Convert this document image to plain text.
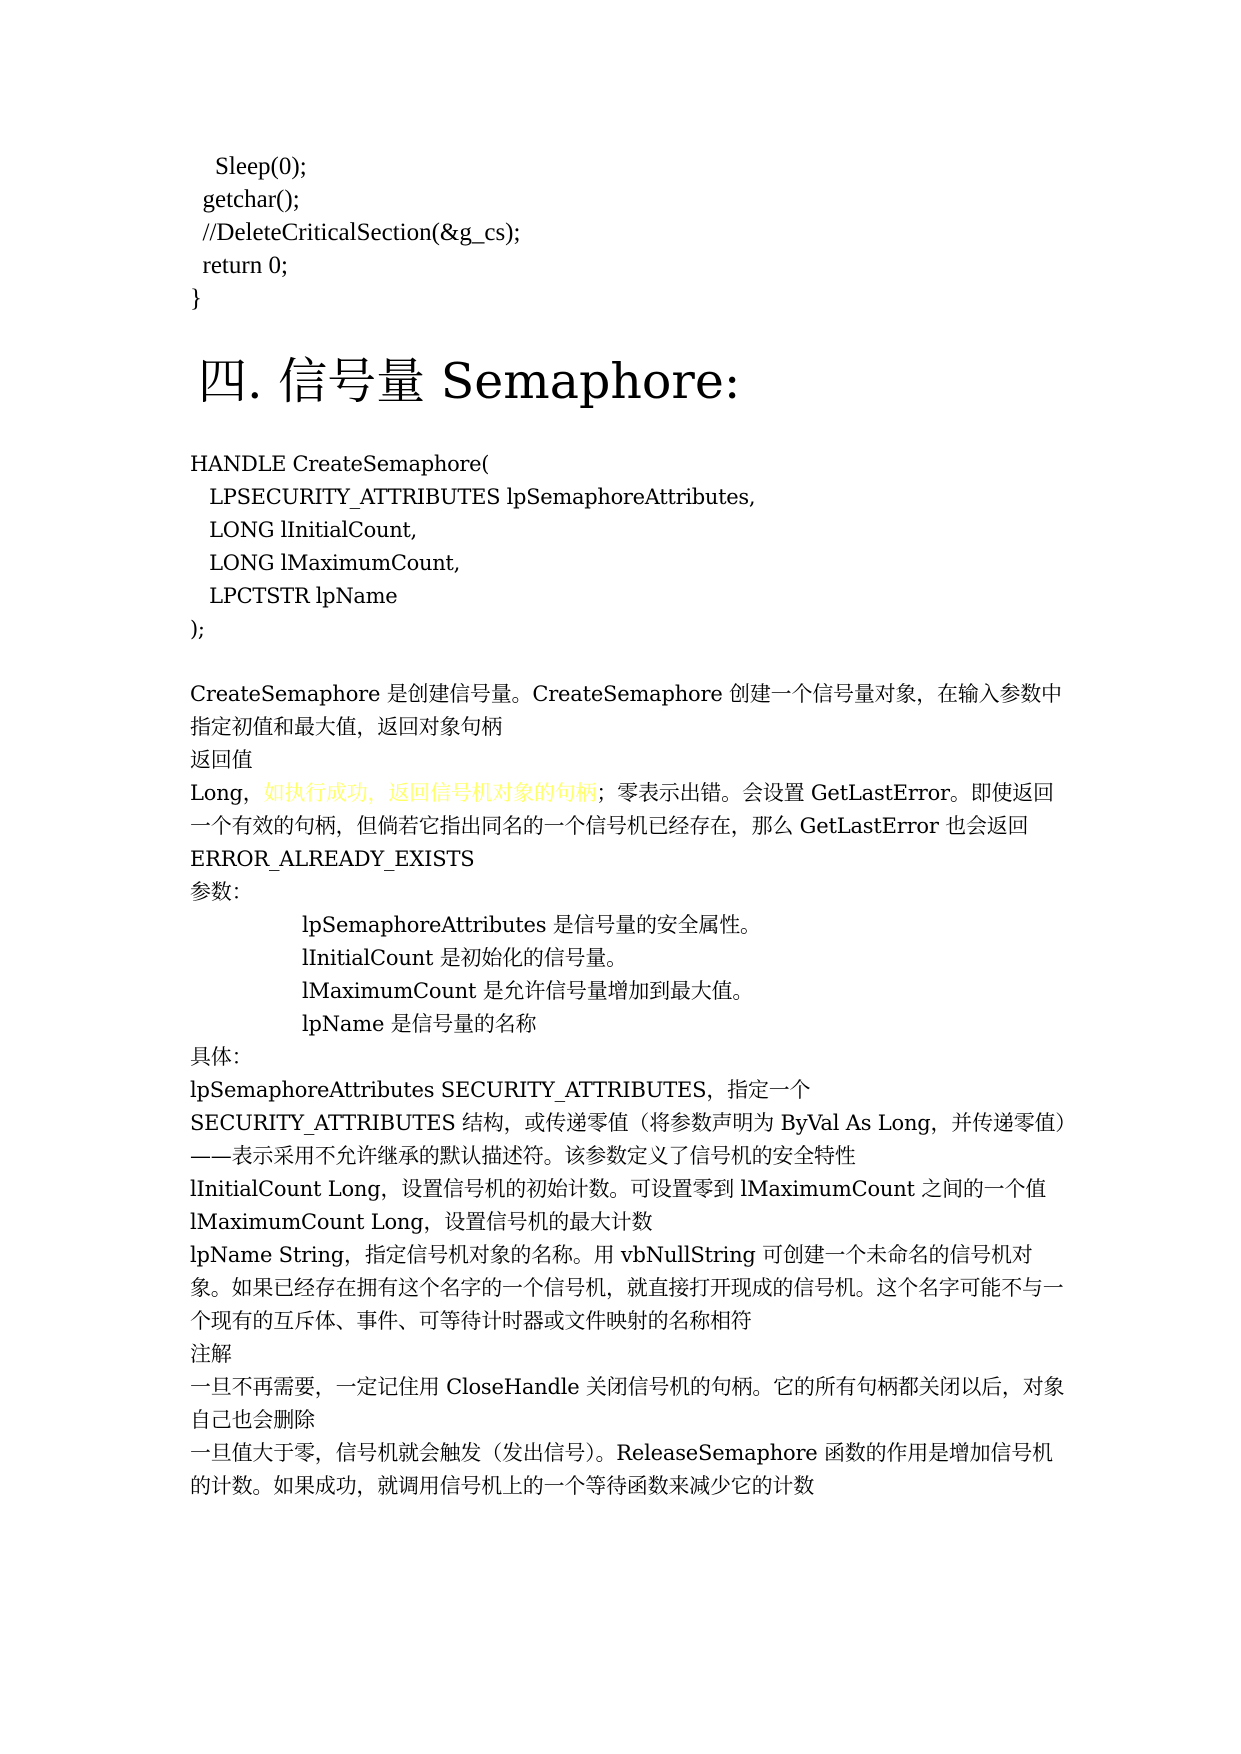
Sleep(0);
getchar();
//DeleteCriticalSection(&g_cs);
return 0;
}
四. 信号量 Semaphore:
HANDLE CreateSemaphore(
LPSECURITY_ATTRIBUTES lpSemaphoreAttributes,
LONG lInitialCount,
LONG lMaximumCount,
LPCTSTR lpName
);

CreateSemaphore 是创建信号量。CreateSemaphore 创建一个信号量对象，在输入参数中指定初值和最大值，返回对象句柄

返回值

Long，如执行成功，返回信号机对象的句柄；零表示出错。会设置 GetLastError。即使返回一个有效的句柄，但倘若它指出同名的一个信号机已经存在，那么 GetLastError 也会返回 ERROR_ALREADY_EXISTS

参数：

lpSemaphoreAttributes 是信号量的安全属性。

lInitialCount 是初始化的信号量。

lMaximumCount 是允许信号量增加到最大值。

lpName 是信号量的名称

具体：

lpSemaphoreAttributes SECURITY_ATTRIBUTES，指定一个 SECURITY_ATTRIBUTES 结构，或传递零值（将参数声明为 ByVal As Long，并传递零值）——表示采用不允许继承的默认描述符。该参数定义了信号机的安全特性

lInitialCount Long，设置信号机的初始计数。可设置零到 lMaximumCount 之间的一个值

lMaximumCount Long，设置信号机的最大计数

lpName String，指定信号机对象的名称。用 vbNullString 可创建一个未命名的信号机对象。如果已经存在拥有这个名字的一个信号机，就直接打开现成的信号机。这个名字可能不与一个现有的互斥体、事件、可等待计时器或文件映射的名称相符

注解

一旦不再需要，一定记住用 CloseHandle 关闭信号机的句柄。它的所有句柄都关闭以后，对象自己也会删除

一旦值大于零，信号机就会触发（发出信号）。ReleaseSemaphore 函数的作用是增加信号机的计数。如果成功，就调用信号机上的一个等待函数来减少它的计数
